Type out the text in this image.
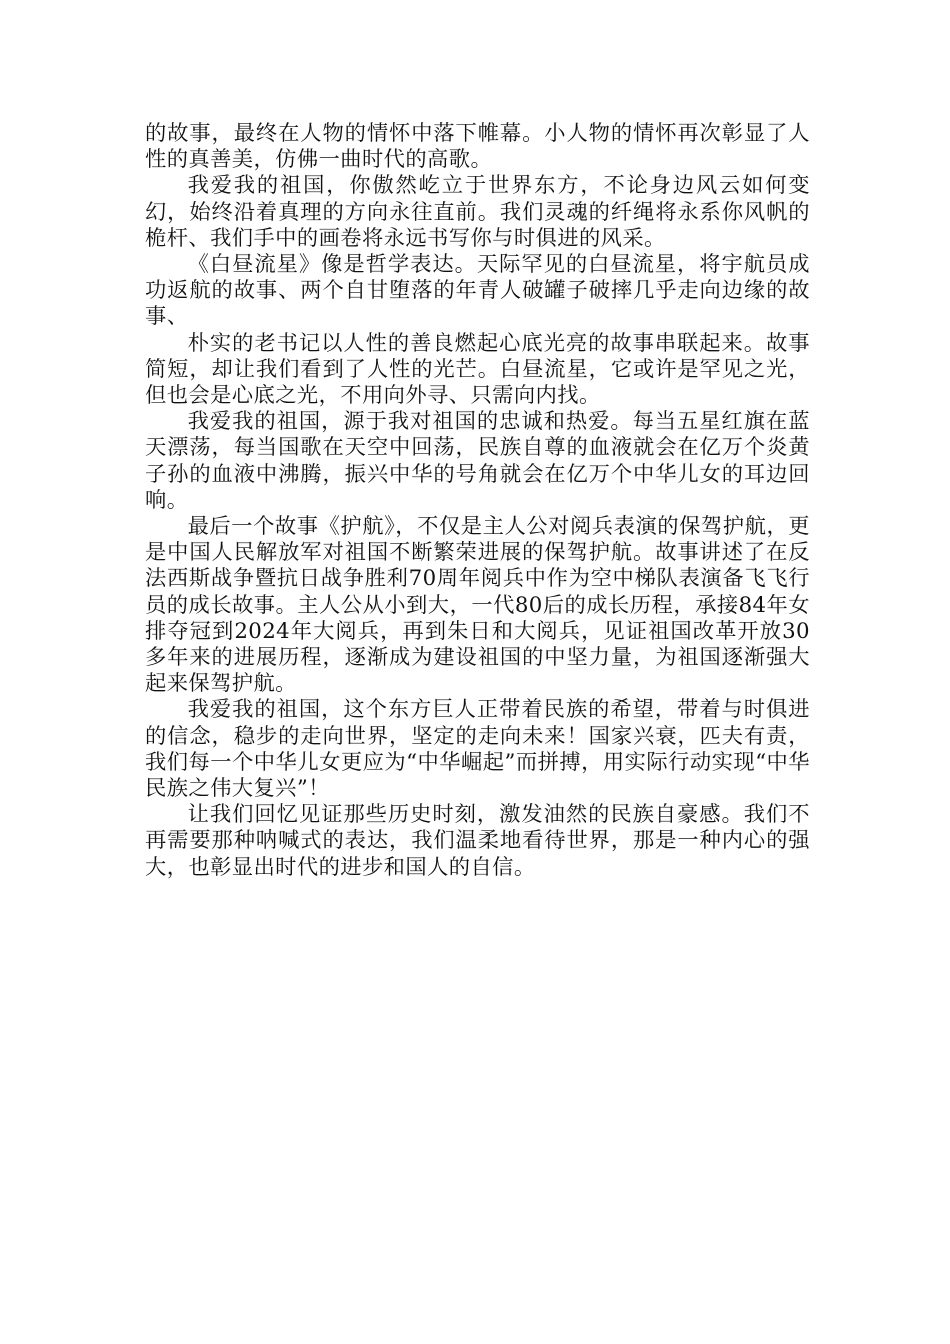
的故事，最终在人物的情怀中落下帷幕。小人物的情怀再次彰显了人性的真善美，仿佛一曲时代的高歌。

我爱我的祖国，你傲然屹立于世界东方，不论身边风云如何变幻，始终沿着真理的方向永往直前。我们灵魂的纤绳将永系你风帆的桅杆、我们手中的画卷将永远书写你与时俱进的风采。

《白昼流星》像是哲学表达。天际罕见的白昼流星，将宇航员成功返航的故事、两个自甘堕落的年青人破罐子破摔几乎走向边缘的故事、

朴实的老书记以人性的善良燃起心底光亮的故事串联起来。故事简短，却让我们看到了人性的光芒。白昼流星，它或许是罕见之光，但也会是心底之光，不用向外寻、只需向内找。

我爱我的祖国，源于我对祖国的忠诚和热爱。每当五星红旗在蓝天漂荡，每当国歌在天空中回荡，民族自尊的血液就会在亿万个炎黄子孙的血液中沸腾，振兴中华的号角就会在亿万个中华儿女的耳边回响。

最后一个故事《护航》，不仅是主人公对阅兵表演的保驾护航，更是中国人民解放军对祖国不断繁荣进展的保驾护航。故事讲述了在反法西斯战争暨抗日战争胜利70周年阅兵中作为空中梯队表演备飞飞行员的成长故事。主人公从小到大，一代80后的成长历程，承接84年女排夺冠到2024年大阅兵，再到朱日和大阅兵，见证祖国改革开放30多年来的进展历程，逐渐成为建设祖国的中坚力量，为祖国逐渐强大起来保驾护航。

我爱我的祖国，这个东方巨人正带着民族的希望，带着与时俱进的信念，稳步的走向世界，坚定的走向未来！国家兴衰，匹夫有责，我们每一个中华儿女更应为“中华崛起”而拼搏，用实际行动实现“中华民族之伟大复兴”！

让我们回忆见证那些历史时刻，激发油然的民族自豪感。我们不再需要那种呐喊式的表达，我们温柔地看待世界，那是一种内心的强大，也彰显出时代的进步和国人的自信。
